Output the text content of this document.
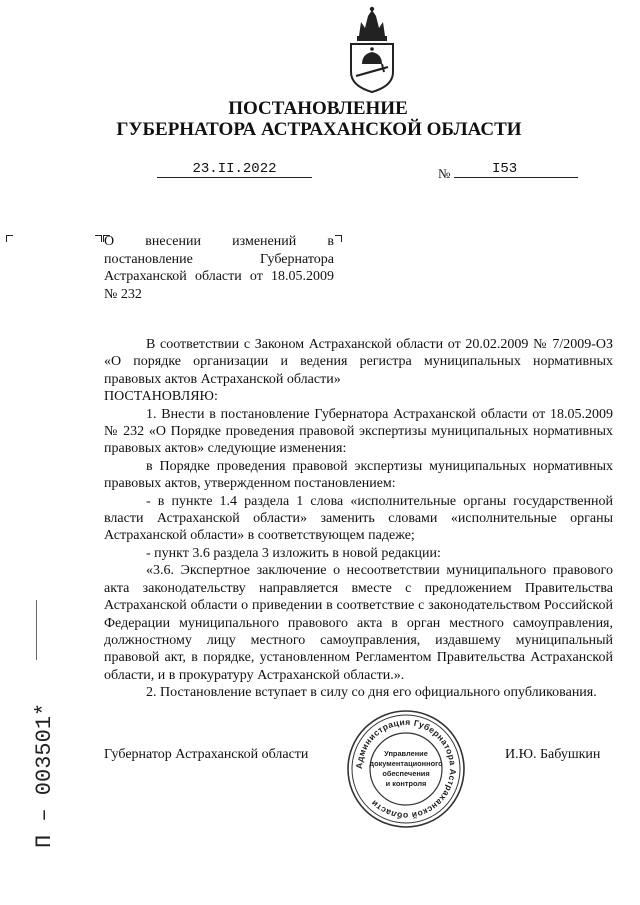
ПОСТАНОВЛЕНИЕ
ГУБЕРНАТОРА АСТРАХАНСКОЙ ОБЛАСТИ
23.II.2022	№	I53
О внесении изменений в постановление Губернатора Астраханской области от 18.05.2009 № 232

В соответствии с Законом Астраханской области от 20.02.2009 № 7/2009-ОЗ «О порядке организации и ведения регистра муниципальных нормативных правовых актов Астраханской области»

ПОСТАНОВЛЯЮ:

1. Внести в постановление Губернатора Астраханской области от 18.05.2009 № 232 «О Порядке проведения правовой экспертизы муниципальных нормативных правовых актов» следующие изменения:

в Порядке проведения правовой экспертизы муниципальных нормативных правовых актов, утвержденном постановлением:

- в пункте 1.4 раздела 1 слова «исполнительные органы государственной власти Астраханской области» заменить словами «исполнительные органы Астраханской области» в соответствующем падеже;

- пункт 3.6 раздела 3 изложить в новой редакции:

«3.6. Экспертное заключение о несоответствии муниципального правового акта законодательству направляется вместе с предложением Правительства Астраханской области о приведении в соответствие с законодательством Российской Федерации муниципального правового акта в орган местного самоуправления, должностному лицу местного самоуправления, издавшему муниципальный правовой акт, в порядке, установленном Регламентом Правительства Астраханской области, и в прокуратуру Астраханской области.».

2. Постановление вступает в силу со дня его официального опубликования.

Губернатор Астраханской области	И.Ю. Бабушкин
Администрация Губернатора Астраханской области
Управление
документационного
обеспечения
и контроля
П – 003501*
